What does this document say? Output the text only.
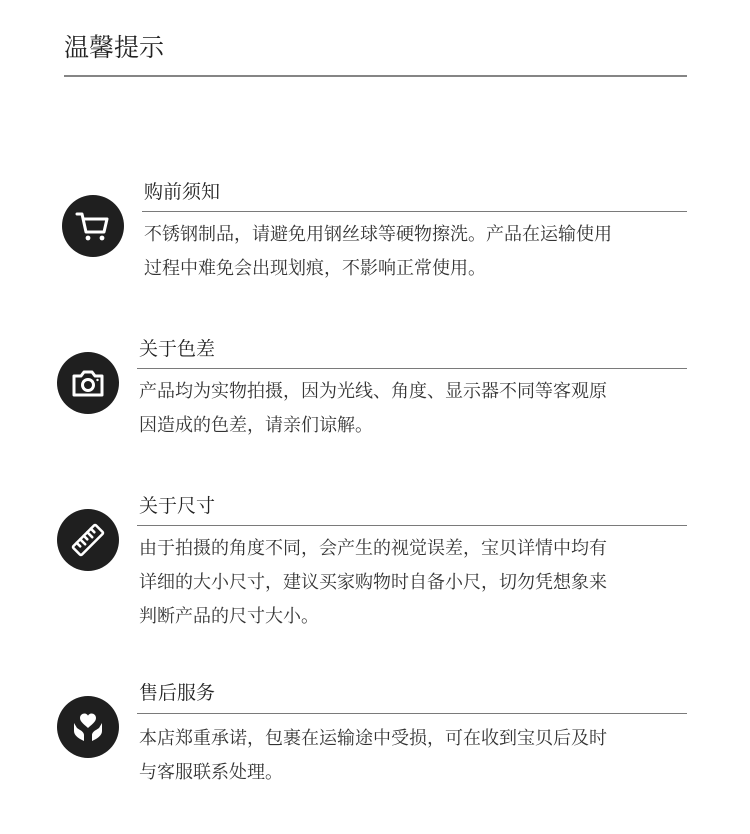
温馨提示
购前须知

不锈钢制品，请避免用钢丝球等硬物擦洗。产品在运输使用

过程中难免会出现划痕，不影响正常使用。

关于色差

产品均为实物拍摄，因为光线、角度、显示器不同等客观原

因造成的色差，请亲们谅解。

关于尺寸

由于拍摄的角度不同，会产生的视觉误差，宝贝详情中均有

详细的大小尺寸，建议买家购物时自备小尺，切勿凭想象来

判断产品的尺寸大小。

售后服务

本店郑重承诺，包裹在运输途中受损，可在收到宝贝后及时

与客服联系处理。
